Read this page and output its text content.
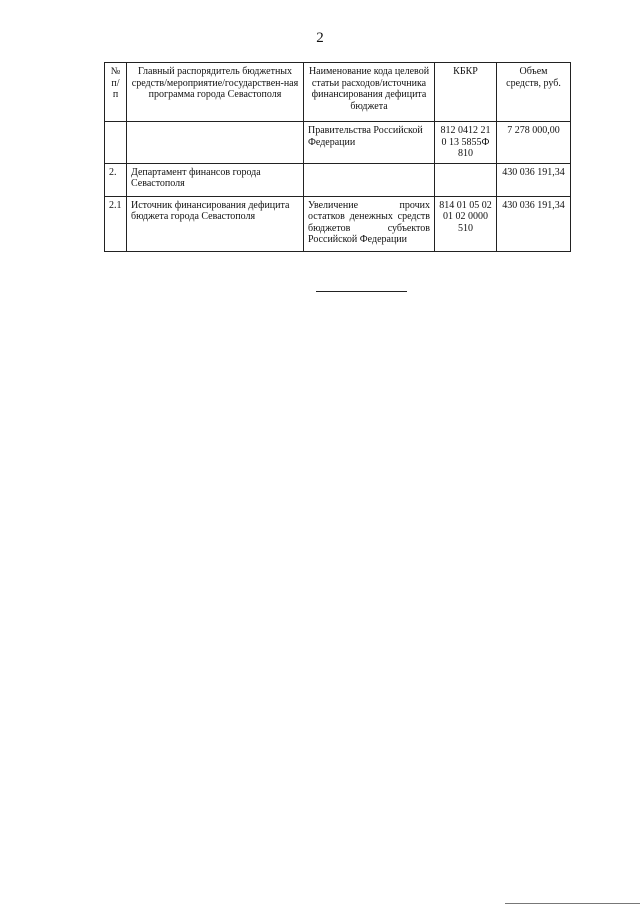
2
№ п/п	Главный распорядитель бюджетных средств/мероприятие/государствен-ная программа города Севастополя	Наименование кода целевой статьи расходов/источника финансирования дефицита бюджета	КБКР	Объем средств, руб.
		Правительства Российской Федерации	812 0412 21 0 13 5855Ф 810	7 278 000,00
2.	Департамент финансов города Севастополя			430 036 191,34
2.1	Источник финансирования дефицита бюджета города Севастополя	Увеличение прочих остатков денежных средств бюджетов субъектов Российской Федерации	814 01 05 02 01 02 0000 510	430 036 191,34
